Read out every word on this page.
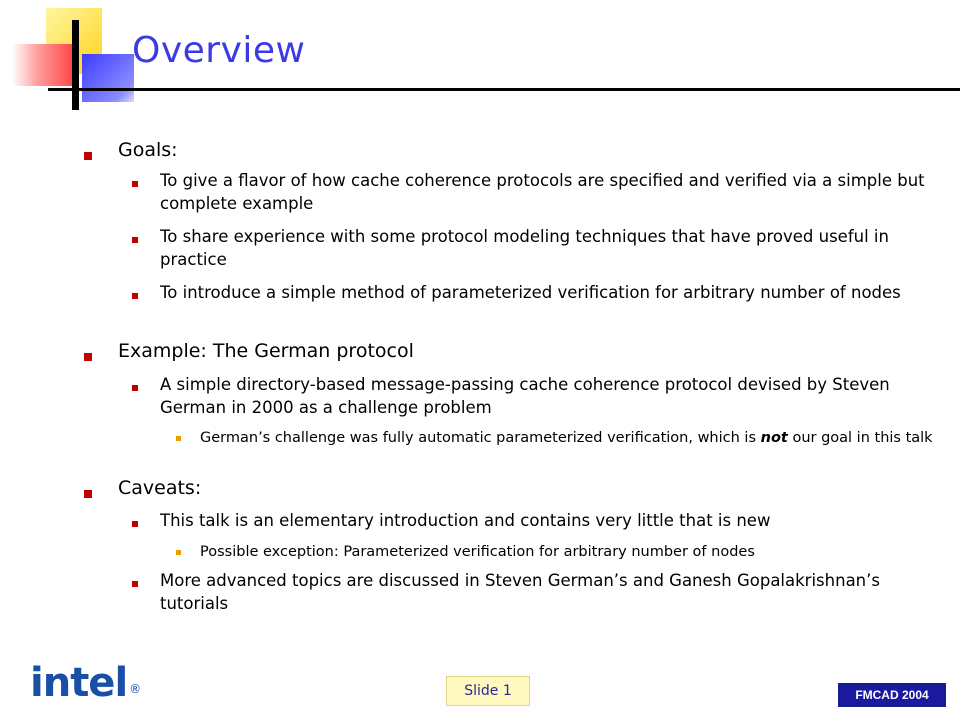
Overview
Goals:
To give a flavor of how cache coherence protocols are specified and verified via a simple but complete example
To share experience with some protocol modeling techniques that have proved useful in practice
To introduce a simple method of parameterized verification for arbitrary number of nodes
Example: The German protocol
A simple directory-based message-passing cache coherence protocol devised by Steven German in 2000 as a challenge problem
German’s challenge was fully automatic parameterized verification, which is not our goal in this talk
Caveats:
This talk is an elementary introduction and contains very little that is new
Possible exception: Parameterized verification for arbitrary number of nodes
More advanced topics are discussed in Steven German’s and Ganesh Gopalakrishnan’s tutorials
intel ®	Slide 1	FMCAD 2004
